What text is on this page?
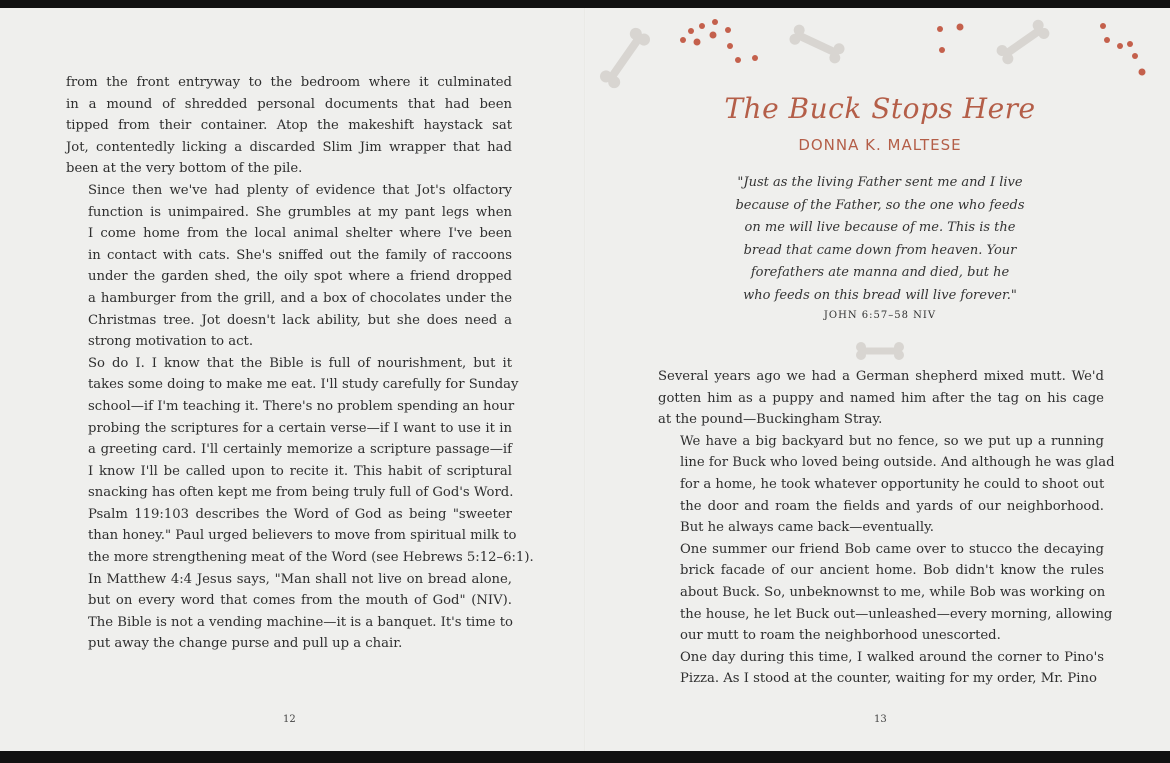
from the front entryway to the bedroom where it culminated
in a mound of shredded personal documents that had been
tipped from their container. Atop the makeshift haystack sat
Jot, contentedly licking a discarded Slim Jim wrapper that had
been at the very bottom of the pile.

Since then we've had plenty of evidence that Jot's olfactory
function is unimpaired. She grumbles at my pant legs when
I come home from the local animal shelter where I've been
in contact with cats. She's sniffed out the family of raccoons
under the garden shed, the oily spot where a friend dropped
a hamburger from the grill, and a box of chocolates under the
Christmas tree. Jot doesn't lack ability, but she does need a
strong motivation to act.

So do I. I know that the Bible is full of nourishment, but it
takes some doing to make me eat. I'll study carefully for Sunday
school—if I'm teaching it. There's no problem spending an hour
probing the scriptures for a certain verse—if I want to use it in
a greeting card. I'll certainly memorize a scripture passage—if
I know I'll be called upon to recite it. This habit of scriptural
snacking has often kept me from being truly full of God's Word.

Psalm 119:103 describes the Word of God as being "sweeter
than honey." Paul urged believers to move from spiritual milk to
the more strengthening meat of the Word (see Hebrews 5:12–6:1).
In Matthew 4:4 Jesus says, "Man shall not live on bread alone,
but on every word that comes from the mouth of God" (NIV).
The Bible is not a vending machine—it is a banquet. It's time to
put away the change purse and pull up a chair.

12
The Buck Stops Here
DONNA K. MALTESE
"Just as the living Father sent me and I live
because of the Father, so the one who feeds
on me will live because of me. This is the
bread that came down from heaven. Your
forefathers ate manna and died, but he
who feeds on this bread will live forever."
JOHN 6:57–58 NIV

Several years ago we had a German shepherd mixed mutt. We'd
gotten him as a puppy and named him after the tag on his cage
at the pound—Buckingham Stray.

We have a big backyard but no fence, so we put up a running
line for Buck who loved being outside. And although he was glad
for a home, he took whatever opportunity he could to shoot out
the door and roam the fields and yards of our neighborhood.
But he always came back—eventually.

One summer our friend Bob came over to stucco the decaying
brick facade of our ancient home. Bob didn't know the rules
about Buck. So, unbeknownst to me, while Bob was working on
the house, he let Buck out—unleashed—every morning, allowing
our mutt to roam the neighborhood unescorted.

One day during this time, I walked around the corner to Pino's
Pizza. As I stood at the counter, waiting for my order, Mr. Pino

13
